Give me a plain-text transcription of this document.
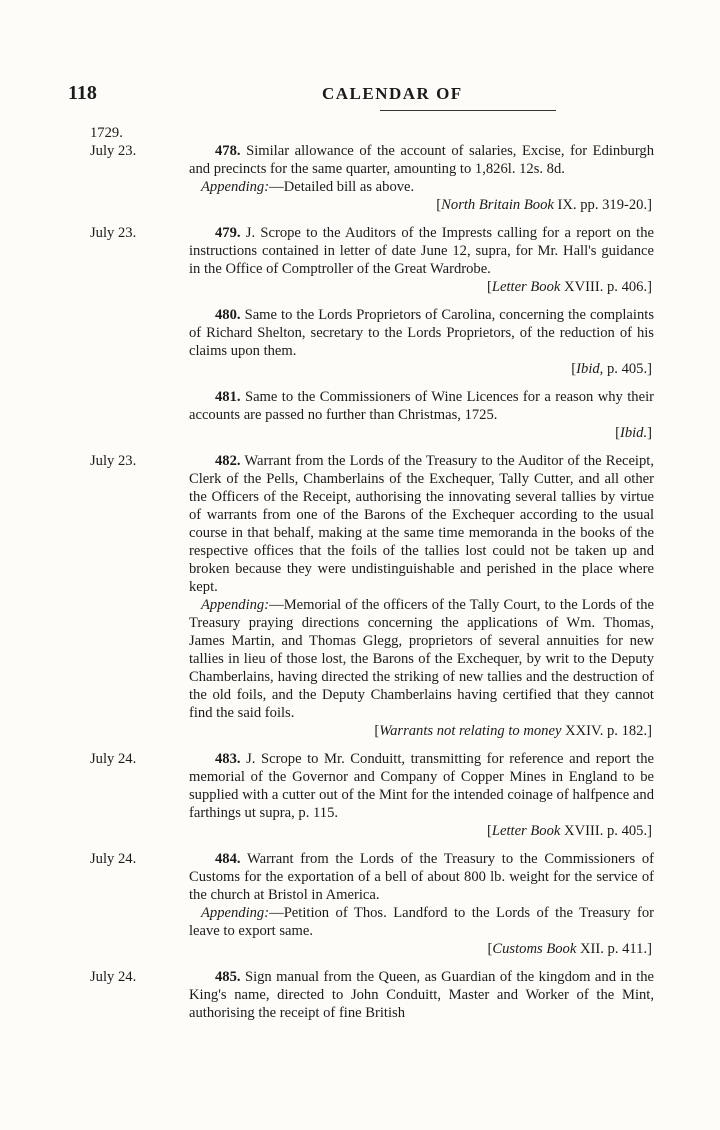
118	CALENDAR OF
1729.
July 23.	478. Similar allowance of the account of salaries, Excise, for Edinburgh and precincts for the same quarter, amounting to 1,826l. 12s. 8d.

Appending:—Detailed bill as above.

[North Britain Book IX. pp. 319-20.]

July 23.	479. J. Scrope to the Auditors of the Imprests calling for a report on the instructions contained in letter of date June 12, supra, for Mr. Hall's guidance in the Office of Comptroller of the Great Wardrobe.

[Letter Book XVIII. p. 406.]

480. Same to the Lords Proprietors of Carolina, concerning the complaints of Richard Shelton, secretary to the Lords Proprietors, of the reduction of his claims upon them.

[Ibid, p. 405.]

481. Same to the Commissioners of Wine Licences for a reason why their accounts are passed no further than Christmas, 1725.

[Ibid.]

July 23.	482. Warrant from the Lords of the Treasury to the Auditor of the Receipt, Clerk of the Pells, Chamberlains of the Exchequer, Tally Cutter, and all other the Officers of the Receipt, authorising the innovating several tallies by virtue of warrants from one of the Barons of the Exchequer according to the usual course in that behalf, making at the same time memoranda in the books of the respective offices that the foils of the tallies lost could not be taken up and broken because they were undistinguishable and perished in the place where kept.

Appending:—Memorial of the officers of the Tally Court, to the Lords of the Treasury praying directions concerning the applications of Wm. Thomas, James Martin, and Thomas Glegg, proprietors of several annuities for new tallies in lieu of those lost, the Barons of the Exchequer, by writ to the Deputy Chamberlains, having directed the striking of new tallies and the destruction of the old foils, and the Deputy Chamberlains having certified that they cannot find the said foils.

[Warrants not relating to money XXIV. p. 182.]

July 24.	483. J. Scrope to Mr. Conduitt, transmitting for reference and report the memorial of the Governor and Company of Copper Mines in England to be supplied with a cutter out of the Mint for the intended coinage of halfpence and farthings ut supra, p. 115.

[Letter Book XVIII. p. 405.]

July 24.	484. Warrant from the Lords of the Treasury to the Commissioners of Customs for the exportation of a bell of about 800 lb. weight for the service of the church at Bristol in America.

Appending:—Petition of Thos. Landford to the Lords of the Treasury for leave to export same.

[Customs Book XII. p. 411.]

July 24.	485. Sign manual from the Queen, as Guardian of the kingdom and in the King's name, directed to John Conduitt, Master and Worker of the Mint, authorising the receipt of fine British
